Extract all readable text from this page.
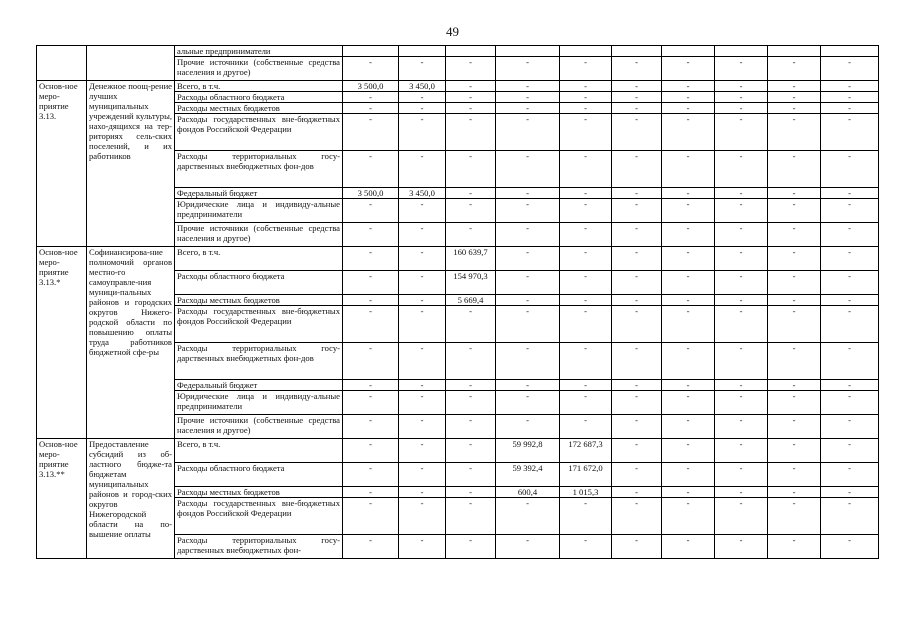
49
		альные предприниматели										
		Прочие источники (собственные средства населения и другое)	-	-	-	-	-	-	-	-	-	-
Основ-ное меро-приятие 3.13.	Денежное поощ-рение лучших муниципальных учреждений культуры, нахо-дящихся на тер-риториях сель-ских поселений, и их работников	Всего, в т.ч.	3 500,0	3 450,0	-	-	-	-	-	-	-	-
		Расходы областного бюджета	-	-	-	-	-	-	-	-	-	-
		Расходы местных бюджетов	-	-	-	-	-	-	-	-	-	-
		Расходы государственных вне-бюджетных фондов Российской Федерации	-	-	-	-	-	-	-	-	-	-
		Расходы территориальных госу-дарственных внебюджетных фон-дов	-	-	-	-	-	-	-	-	-	-
		Федеральный бюджет	3 500,0	3 450,0	-	-	-	-	-	-	-	-
		Юридические лица и индивиду-альные предприниматели	-	-	-	-	-	-	-	-	-	-
		Прочие источники (собственные средства населения и другое)	-	-	-	-	-	-	-	-	-	-
Основ-ное меро-приятие 3.13.*	Софинансирова-ние полномочий органов местно-го самоуправле-ния муници-пальных районов и городских округов Нижего-родской области по повышению оплаты труда работников бюджетной сфе-ры	Всего, в т.ч.	-	-	160 639,7	-	-	-	-	-	-	-
		Расходы областного бюджета	-	-	154 970,3	-	-	-	-	-	-	-
		Расходы местных бюджетов	-	-	5 669,4	-	-	-	-	-	-	-
		Расходы государственных вне-бюджетных фондов Российской Федерации	-	-	-	-	-	-	-	-	-	-
		Расходы территориальных госу-дарственных внебюджетных фон-дов	-	-	-	-	-	-	-	-	-	-
		Федеральный бюджет	-	-	-	-	-	-	-	-	-	-
		Юридические лица и индивиду-альные предприниматели	-	-	-	-	-	-	-	-	-	-
		Прочие источники (собственные средства населения и другое)	-	-	-	-	-	-	-	-	-	-
Основ-ное меро-приятие 3.13.**	Предоставление субсидий из об-ластного бюдже-та бюджетам муниципальных районов и город-ских округов Нижегородской области на по-вышение оплаты	Всего, в т.ч.	-	-	-	59 992,8	172 687,3	-	-	-	-	-
		Расходы областного бюджета	-	-	-	59 392,4	171 672,0	-	-	-	-	-
		Расходы местных бюджетов	-	-	-	600,4	1 015,3	-	-	-	-	-
		Расходы государственных вне-бюджетных фондов Российской Федерации	-	-	-	-	-	-	-	-	-	-
		Расходы территориальных госу-дарственных внебюджетных фон-	-	-	-	-	-	-	-	-	-	-
